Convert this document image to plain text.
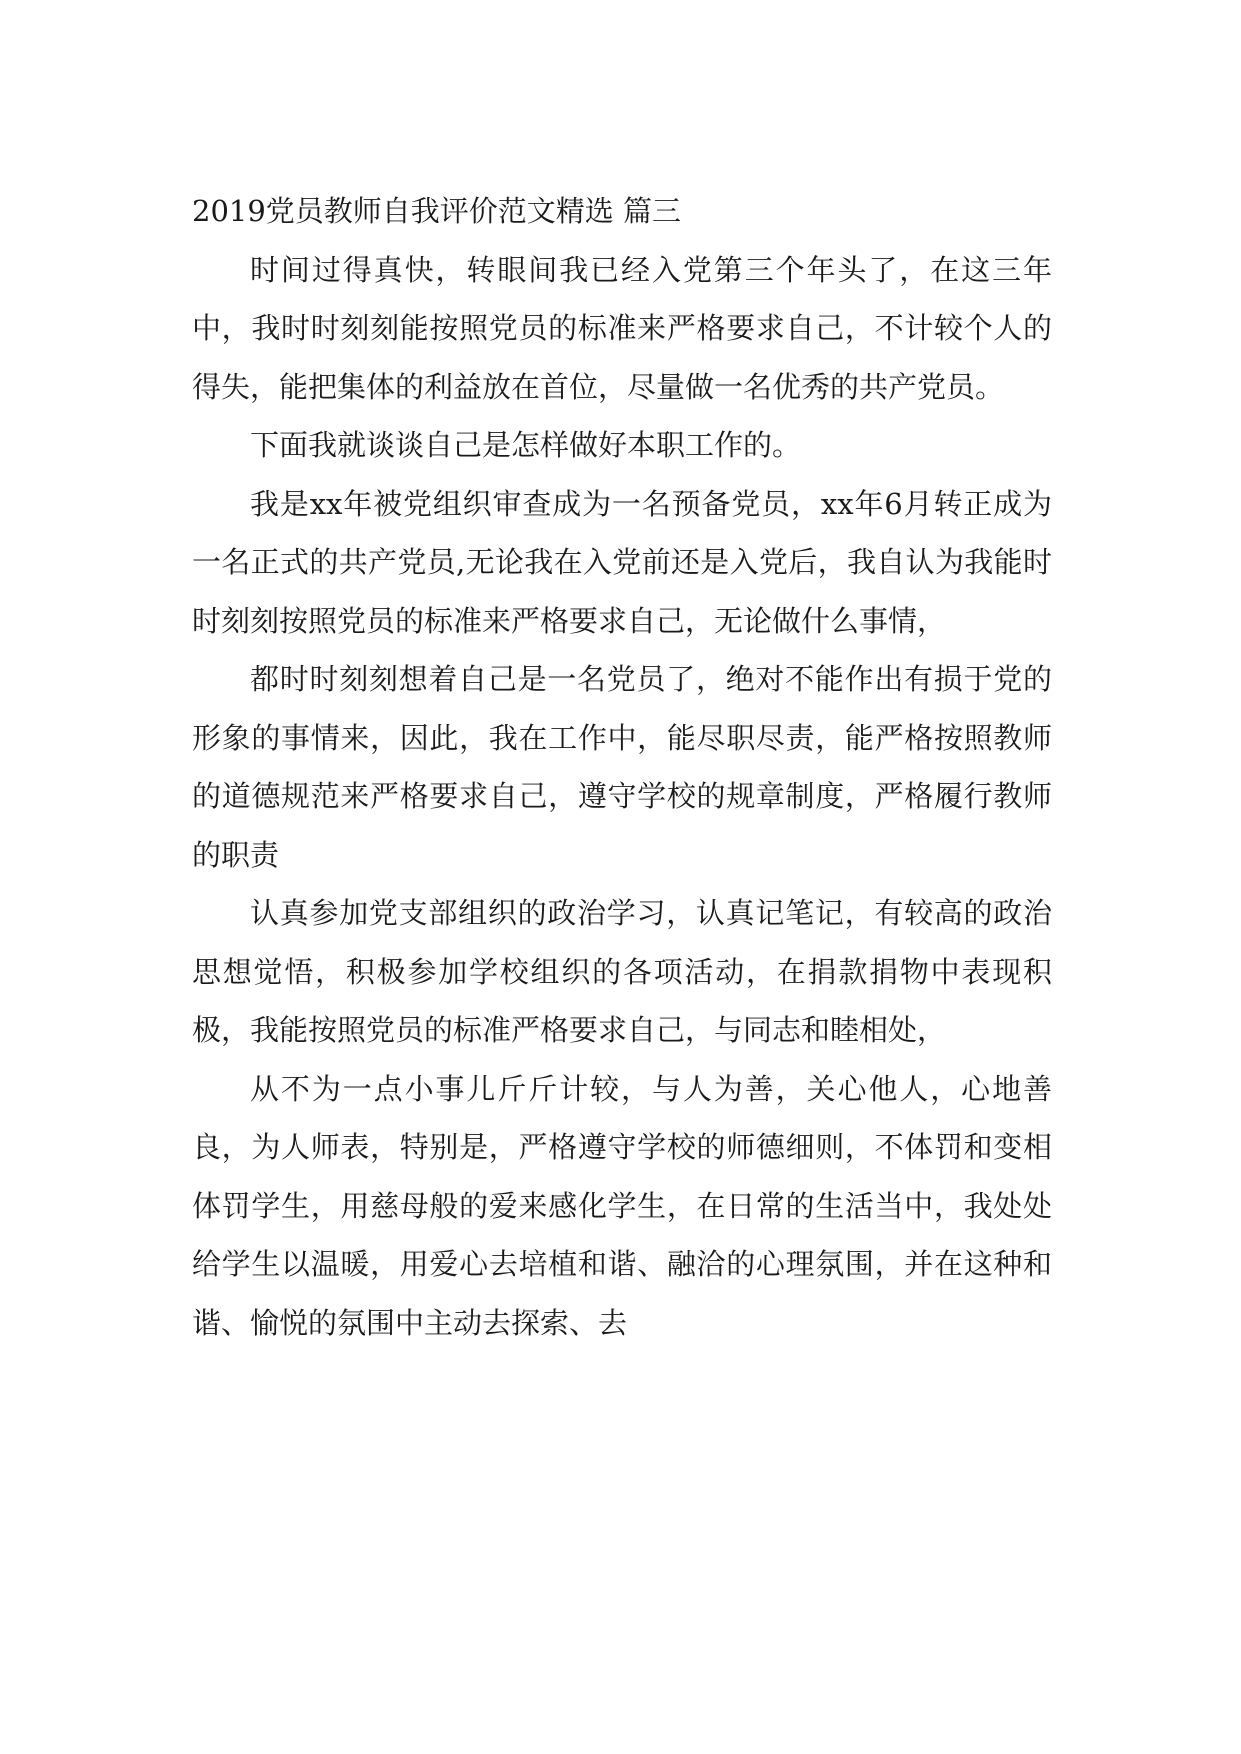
2019党员教师自我评价范文精选 篇三

时间过得真快，转眼间我已经入党第三个年头了，在这三年中，我时时刻刻能按照党员的标准来严格要求自己，不计较个人的得失，能把集体的利益放在首位，尽量做一名优秀的共产党员。

下面我就谈谈自己是怎样做好本职工作的。

我是xx年被党组织审查成为一名预备党员，xx年6月转正成为一名正式的共产党员,无论我在入党前还是入党后，我自认为我能时时刻刻按照党员的标准来严格要求自己，无论做什么事情，

都时时刻刻想着自己是一名党员了，绝对不能作出有损于党的形象的事情来，因此，我在工作中，能尽职尽责，能严格按照教师的道德规范来严格要求自己，遵守学校的规章制度，严格履行教师的职责

认真参加党支部组织的政治学习，认真记笔记，有较高的政治思想觉悟，积极参加学校组织的各项活动，在捐款捐物中表现积极，我能按照党员的标准严格要求自己，与同志和睦相处，

从不为一点小事儿斤斤计较，与人为善，关心他人，心地善良，为人师表，特别是，严格遵守学校的师德细则，不体罚和变相体罚学生，用慈母般的爱来感化学生，在日常的生活当中，我处处给学生以温暖，用爱心去培植和谐、融洽的心理氛围，并在这种和谐、愉悦的氛围中主动去探索、去
